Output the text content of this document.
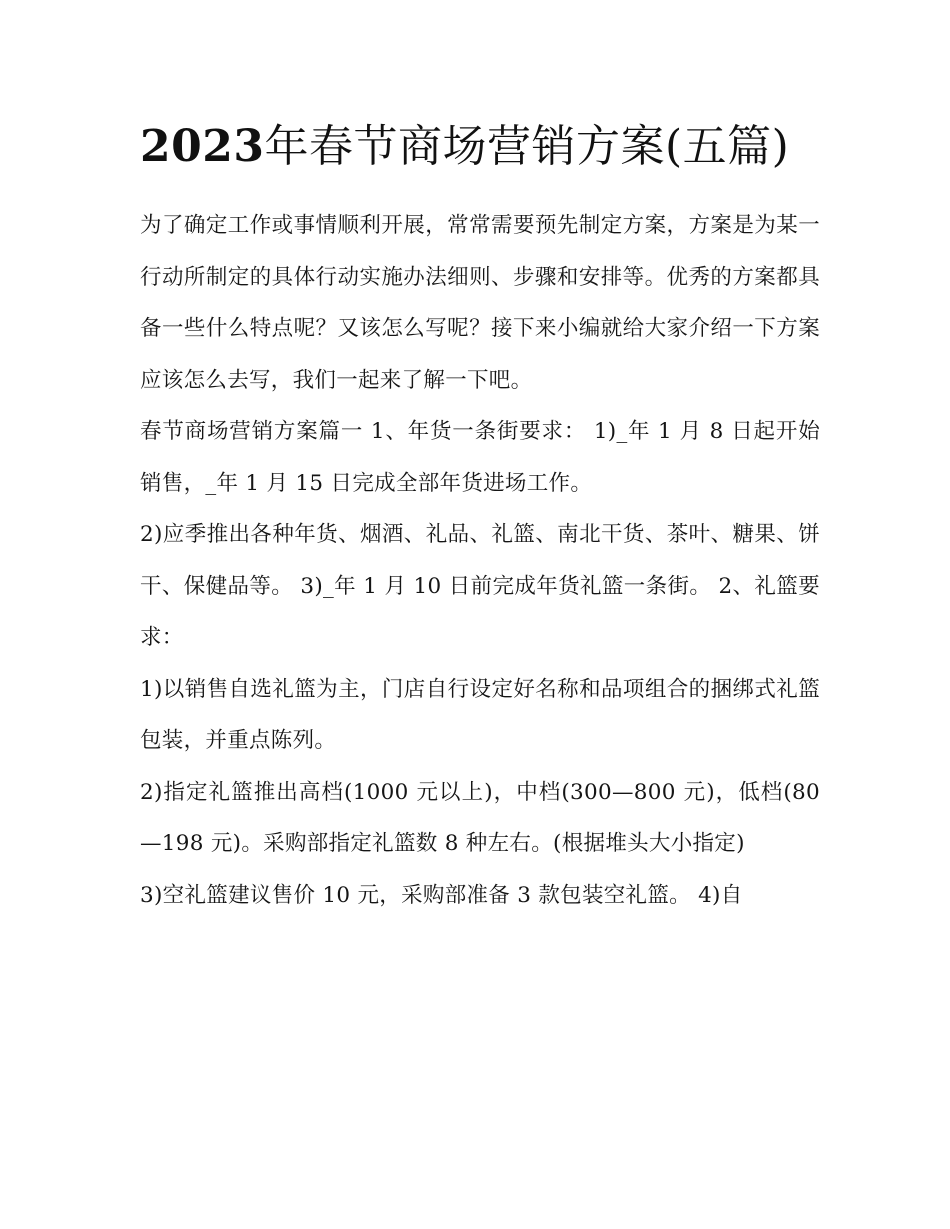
2023年春节商场营销方案(五篇)

为了确定工作或事情顺利开展，常常需要预先制定方案，方案是为某一行动所制定的具体行动实施办法细则、步骤和安排等。优秀的方案都具备一些什么特点呢？又该怎么写呢？接下来小编就给大家介绍一下方案应该怎么去写，我们一起来了解一下吧。

春节商场营销方案篇一 1、年货一条街要求： 1)_年 1 月 8 日起开始销售，_年 1 月 15 日完成全部年货进场工作。

2)应季推出各种年货、烟酒、礼品、礼篮、南北干货、茶叶、糖果、饼干、保健品等。 3)_年 1 月 10 日前完成年货礼篮一条街。 2、礼篮要求：

1)以销售自选礼篮为主，门店自行设定好名称和品项组合的捆绑式礼篮包装，并重点陈列。

2)指定礼篮推出高档(1000 元以上)，中档(300—800 元)，低档(80—198 元)。采购部指定礼篮数 8 种左右。(根据堆头大小指定)

3)空礼篮建议售价 10 元，采购部准备 3 款包装空礼篮。 4)自
